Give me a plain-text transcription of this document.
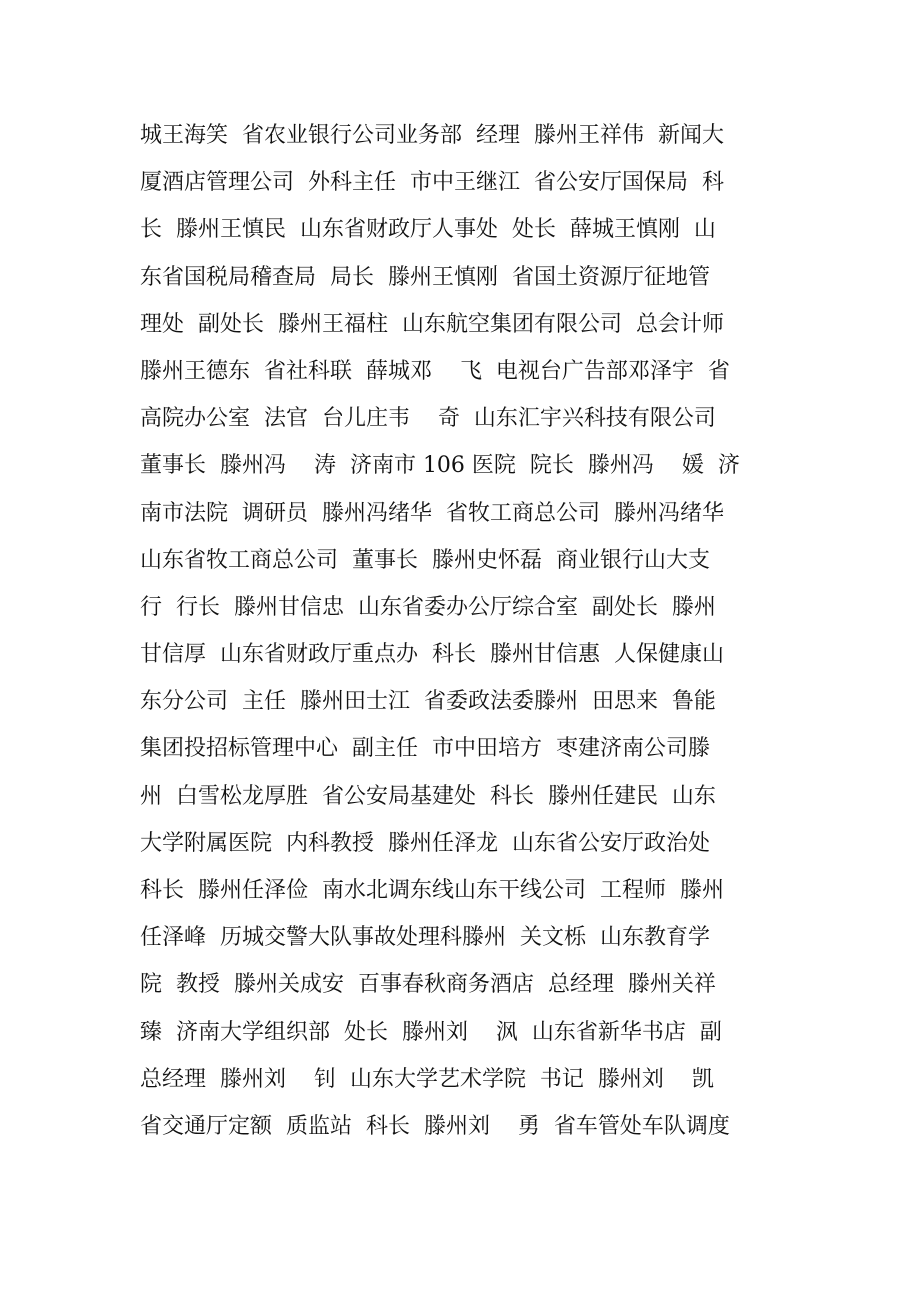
城王海笑  省农业银行公司业务部  经理  滕州王祥伟  新闻大
厦酒店管理公司  外科主任  市中王继江  省公安厅国保局  科
长  滕州王慎民  山东省财政厅人事处  处长  薛城王慎刚  山
东省国税局稽查局  局长  滕州王慎刚  省国土资源厅征地管
理处  副处长  滕州王福柱  山东航空集团有限公司  总会计师
滕州王德东  省社科联  薛城邓    飞  电视台广告部邓泽宇  省
高院办公室  法官  台儿庄韦    奇  山东汇宇兴科技有限公司
董事长  滕州冯    涛  济南市 106 医院  院长  滕州冯    媛  济
南市法院  调研员  滕州冯绪华  省牧工商总公司  滕州冯绪华
山东省牧工商总公司  董事长  滕州史怀磊  商业银行山大支
行  行长  滕州甘信忠  山东省委办公厅综合室  副处长  滕州
甘信厚  山东省财政厅重点办  科长  滕州甘信惠  人保健康山
东分公司  主任  滕州田士江  省委政法委滕州  田思来  鲁能
集团投招标管理中心  副主任  市中田培方  枣建济南公司滕
州  白雪松龙厚胜  省公安局基建处  科长  滕州任建民  山东
大学附属医院  内科教授  滕州任泽龙  山东省公安厅政治处
科长  滕州任泽俭  南水北调东线山东干线公司  工程师  滕州
任泽峰  历城交警大队事故处理科滕州  关文栎  山东教育学
院  教授  滕州关成安  百事春秋商务酒店  总经理  滕州关祥
臻  济南大学组织部  处长  滕州刘    沨  山东省新华书店  副
总经理  滕州刘    钊  山东大学艺术学院  书记  滕州刘    凯
省交通厅定额  质监站  科长  滕州刘    勇  省车管处车队调度
